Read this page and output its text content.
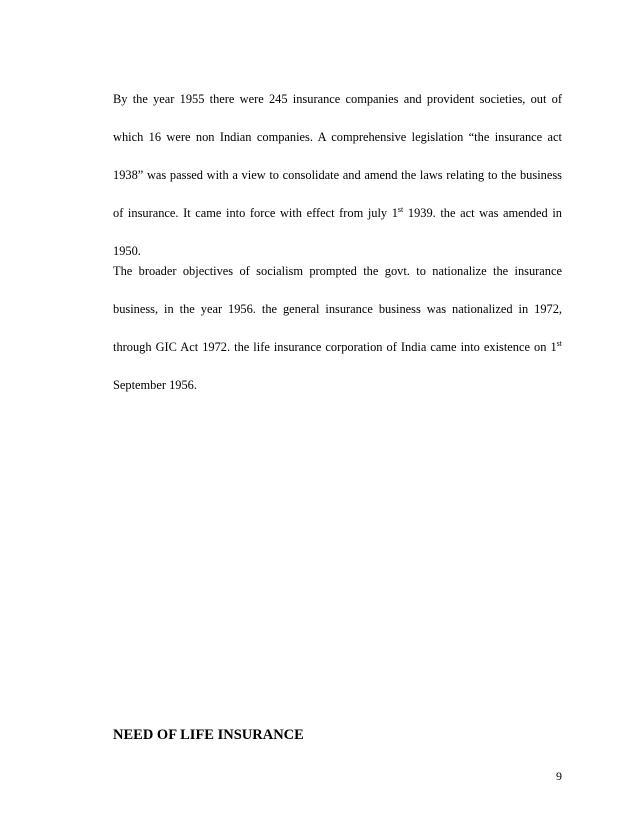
By the year 1955 there were 245 insurance companies and provident societies, out of
which 16 were non Indian companies. A comprehensive legislation “the insurance act
1938” was passed with a view to consolidate and amend the laws relating to the business
of insurance. It came into force with effect from july 1st 1939. the act was amended in
1950.
The broader objectives of socialism prompted the govt. to nationalize the insurance
business, in the year 1956. the general insurance business was nationalized in 1972,
through GIC Act 1972. the life insurance corporation of India came into existence on 1st
September 1956.
NEED OF LIFE INSURANCE
9
